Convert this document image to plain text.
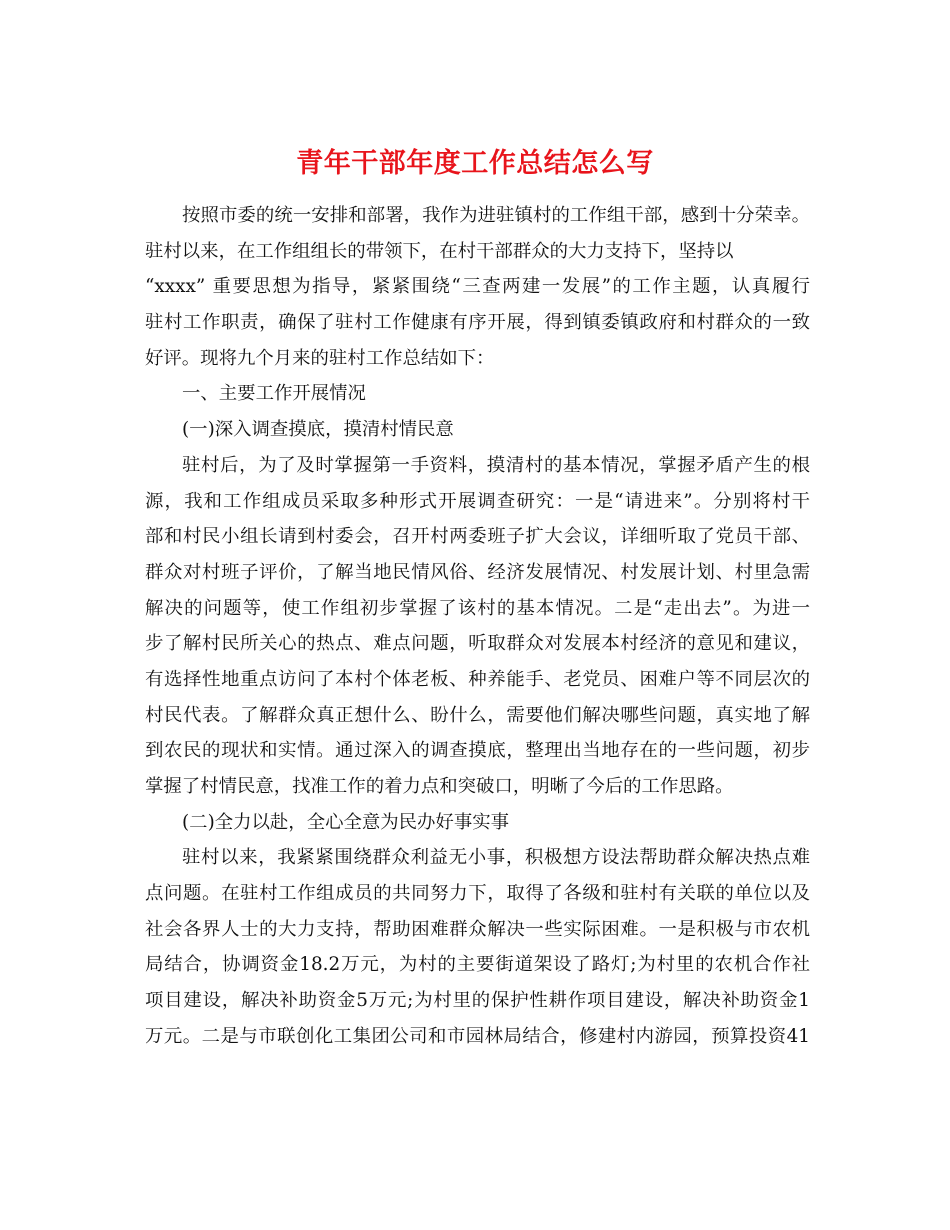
青年干部年度工作总结怎么写
按照市委的统一安排和部署，我作为进驻镇村的工作组干部，感到十分荣幸。
驻村以来，在工作组组长的带领下，在村干部群众的大力支持下，坚持以
“xxxx” 重要思想为指导，紧紧围绕“三查两建一发展”的工作主题，认真履行
驻村工作职责，确保了驻村工作健康有序开展，得到镇委镇政府和村群众的一致
好评。现将九个月来的驻村工作总结如下：
一、主要工作开展情况
(一)深入调查摸底，摸清村情民意
驻村后，为了及时掌握第一手资料，摸清村的基本情况，掌握矛盾产生的根
源，我和工作组成员采取多种形式开展调查研究：一是“请进来”。分别将村干
部和村民小组长请到村委会，召开村两委班子扩大会议，详细听取了党员干部、
群众对村班子评价，了解当地民情风俗、经济发展情况、村发展计划、村里急需
解决的问题等，使工作组初步掌握了该村的基本情况。二是“走出去”。为进一
步了解村民所关心的热点、难点问题，听取群众对发展本村经济的意见和建议，
有选择性地重点访问了本村个体老板、种养能手、老党员、困难户等不同层次的
村民代表。了解群众真正想什么、盼什么，需要他们解决哪些问题，真实地了解
到农民的现状和实情。通过深入的调查摸底，整理出当地存在的一些问题，初步
掌握了村情民意，找准工作的着力点和突破口，明晰了今后的工作思路。
(二)全力以赴，全心全意为民办好事实事
驻村以来，我紧紧围绕群众利益无小事，积极想方设法帮助群众解决热点难
点问题。在驻村工作组成员的共同努力下，取得了各级和驻村有关联的单位以及
社会各界人士的大力支持，帮助困难群众解决一些实际困难。一是积极与市农机
局结合，协调资金18.2万元，为村的主要街道架设了路灯;为村里的农机合作社
项目建设，解决补助资金5万元;为村里的保护性耕作项目建设，解决补助资金1
万元。二是与市联创化工集团公司和市园林局结合，修建村内游园，预算投资41
